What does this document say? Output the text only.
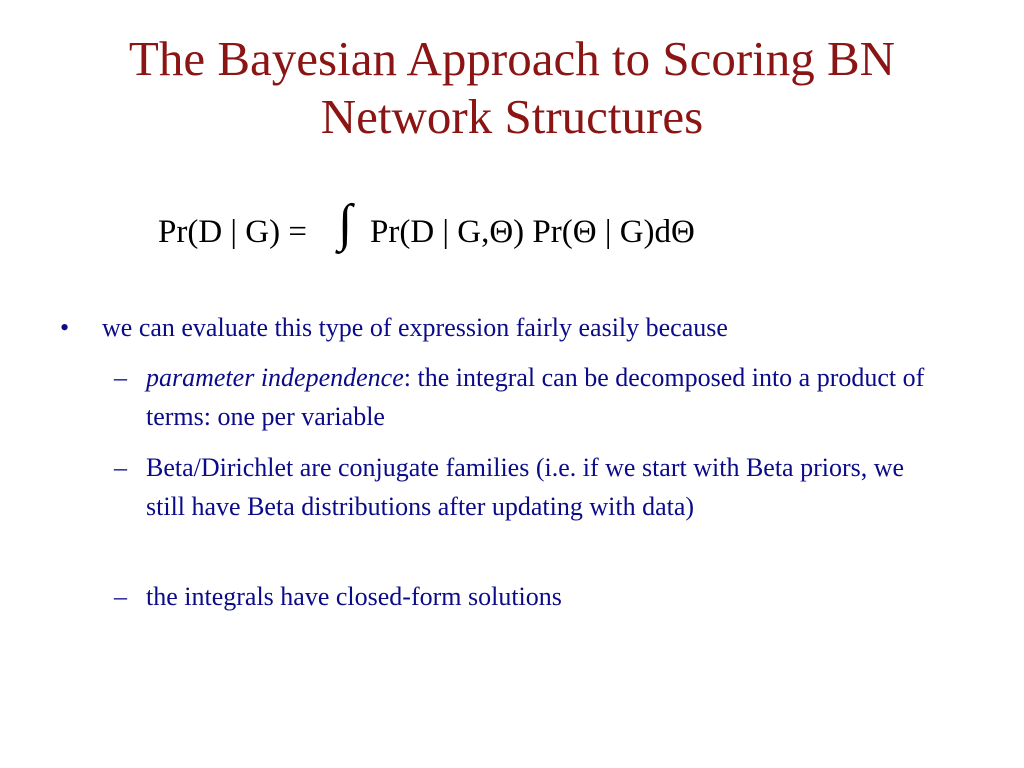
The Bayesian Approach to Scoring BN Network Structures
Pr(D | G) = ∫ Pr(D | G,Θ) Pr(Θ | G)dΘ
• we can evaluate this type of expression fairly easily because
– parameter independence: the integral can be decomposed into a product of terms: one per variable
– Beta/Dirichlet are conjugate families (i.e. if we start with Beta priors, we still have Beta distributions after updating with data)
– the integrals have closed-form solutions
